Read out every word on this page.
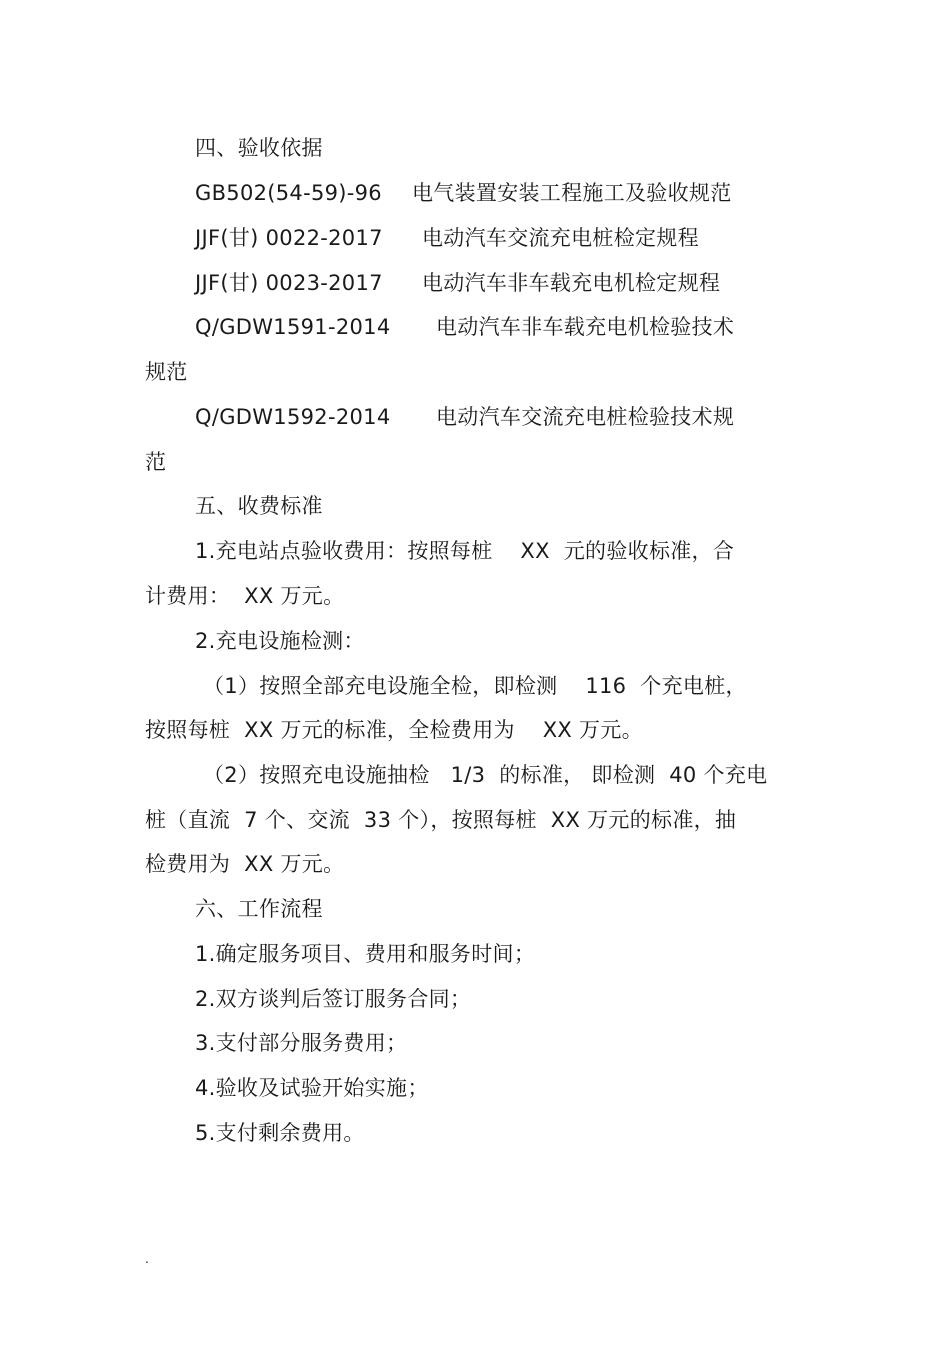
四、验收依据
GB502(54-59)-96 电气装置安装工程施工及验收规范
JJF(甘) 0022-2017 电动汽车交流充电桩检定规程
JJF(甘) 0023-2017 电动汽车非车载充电机检定规程
Q/GDW1591-2014 电动汽车非车载充电机检验技术
规范
Q/GDW1592-2014 电动汽车交流充电桩检验技术规
范
五、收费标准
1.充电站点验收费用：按照每桩    XX  元的验收标准，合
计费用：  XX 万元。
2.充电设施检测：
（1）按照全部充电设施全检，即检测    116  个充电桩，
按照每桩  XX 万元的标准，全检费用为    XX 万元。
（2）按照充电设施抽检   1/3  的标准， 即检测  40 个充电
桩（直流  7 个、交流  33 个），按照每桩  XX 万元的标准，抽
检费用为  XX 万元。
六、工作流程
1.确定服务项目、费用和服务时间；
2.双方谈判后签订服务合同；
3.支付部分服务费用；
4.验收及试验开始实施；
5.支付剩余费用。
.
